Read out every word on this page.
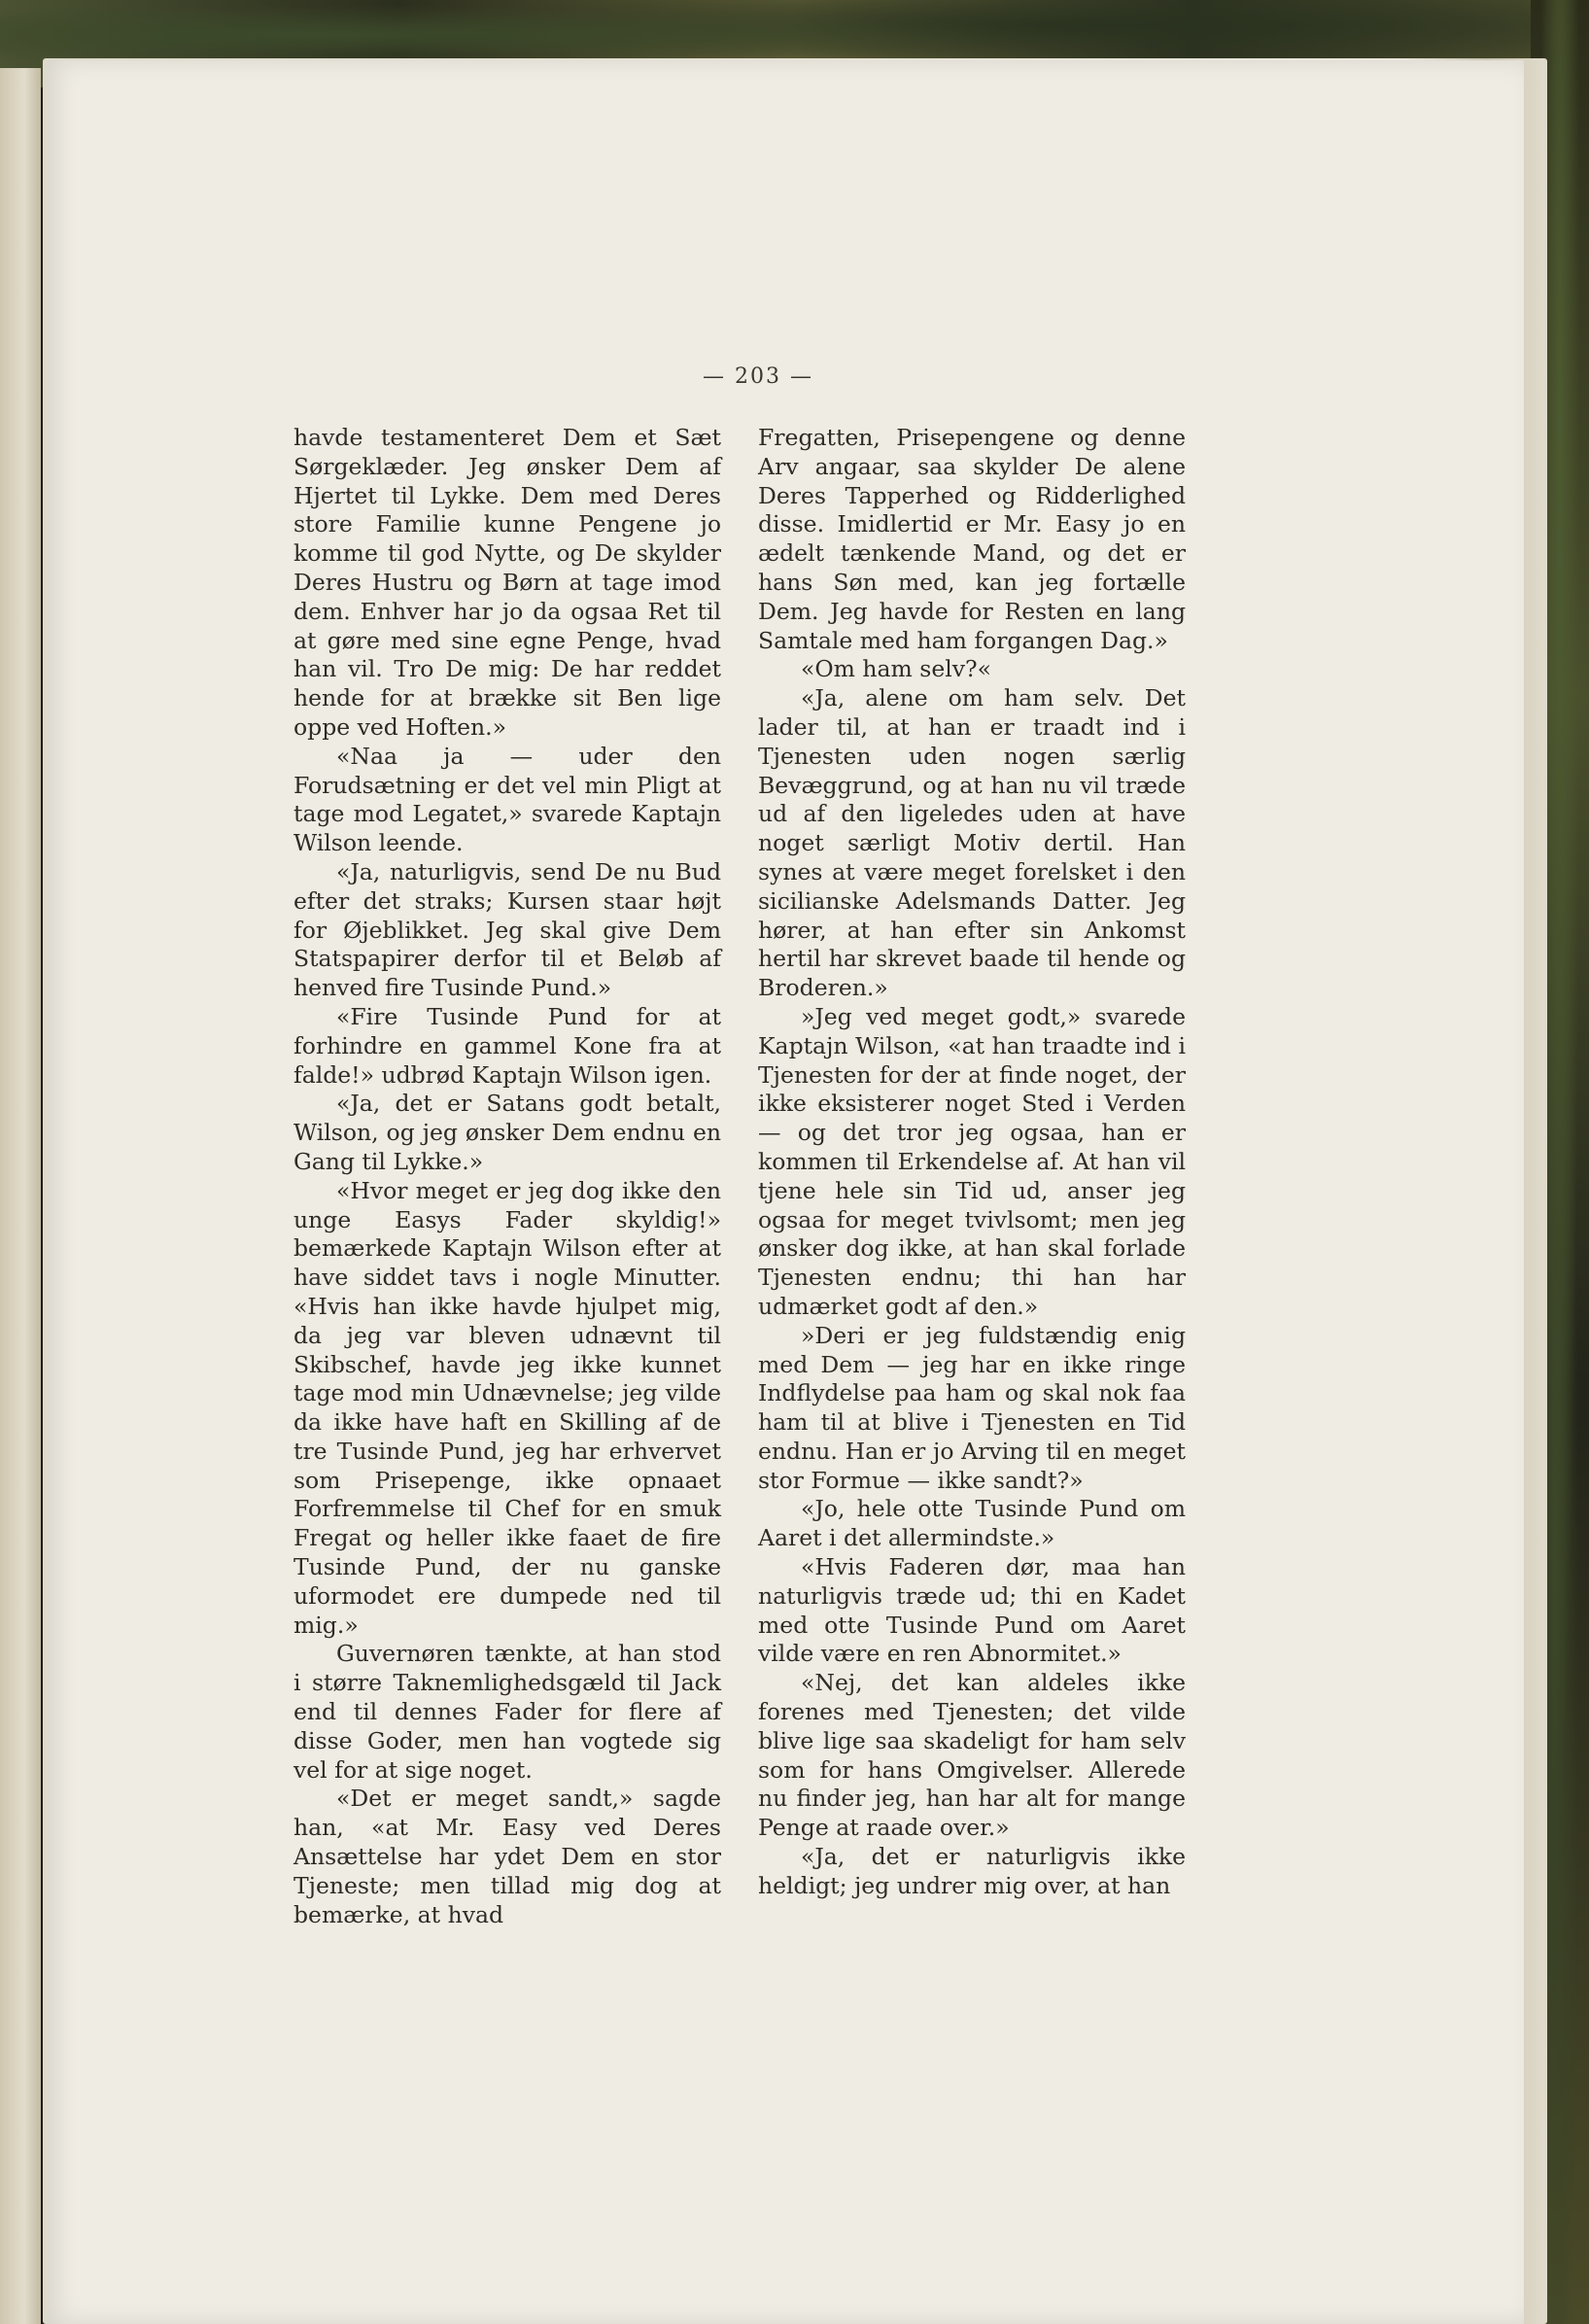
— 203 —

havde testamenteret Dem et Sæt Sørgeklæder. Jeg ønsker Dem af Hjertet til Lykke. Dem med Deres store Familie kunne Pengene jo komme til god Nytte, og De skylder Deres Hustru og Børn at tage imod dem. Enhver har jo da ogsaa Ret til at gøre med sine egne Penge, hvad han vil. Tro De mig: De har reddet hende for at brække sit Ben lige oppe ved Hoften.»

«Naa ja — uder den Forudsætning er det vel min Pligt at tage mod Legatet,» svarede Kaptajn Wilson leende.

«Ja, naturligvis, send De nu Bud efter det straks; Kursen staar højt for Øjeblikket. Jeg skal give Dem Statspapirer derfor til et Beløb af henved fire Tusinde Pund.»

«Fire Tusinde Pund for at forhindre en gammel Kone fra at falde!» udbrød Kaptajn Wilson igen.

«Ja, det er Satans godt betalt, Wilson, og jeg ønsker Dem endnu en Gang til Lykke.»

«Hvor meget er jeg dog ikke den unge Easys Fader skyldig!» bemærkede Kaptajn Wilson efter at have siddet tavs i nogle Minutter. «Hvis han ikke havde hjulpet mig, da jeg var bleven udnævnt til Skibschef, havde jeg ikke kunnet tage mod min Udnævnelse; jeg vilde da ikke have haft en Skilling af de tre Tusinde Pund, jeg har erhvervet som Prisepenge, ikke opnaaet Forfremmelse til Chef for en smuk Fregat og heller ikke faaet de fire Tusinde Pund, der nu ganske uformodet ere dumpede ned til mig.»

Guvernøren tænkte, at han stod i større Taknemlighedsgæld til Jack end til dennes Fader for flere af disse Goder, men han vogtede sig vel for at sige noget.

«Det er meget sandt,» sagde han, «at Mr. Easy ved Deres Ansættelse har ydet Dem en stor Tjeneste; men tillad mig dog at bemærke, at hvad

Fregatten, Prisepengene og denne Arv angaar, saa skylder De alene Deres Tapperhed og Ridderlighed disse. Imidlertid er Mr. Easy jo en ædelt tænkende Mand, og det er hans Søn med, kan jeg fortælle Dem. Jeg havde for Resten en lang Samtale med ham forgangen Dag.»

«Om ham selv?«

«Ja, alene om ham selv. Det lader til, at han er traadt ind i Tjenesten uden nogen særlig Bevæggrund, og at han nu vil træde ud af den ligeledes uden at have noget særligt Motiv dertil. Han synes at være meget forelsket i den sicilianske Adelsmands Datter. Jeg hører, at han efter sin Ankomst hertil har skrevet baade til hende og Broderen.»

»Jeg ved meget godt,» svarede Kaptajn Wilson, «at han traadte ind i Tjenesten for der at finde noget, der ikke eksisterer noget Sted i Verden — og det tror jeg ogsaa, han er kommen til Erkendelse af. At han vil tjene hele sin Tid ud, anser jeg ogsaa for meget tvivlsomt; men jeg ønsker dog ikke, at han skal forlade Tjenesten endnu; thi han har udmærket godt af den.»

»Deri er jeg fuldstændig enig med Dem — jeg har en ikke ringe Indflydelse paa ham og skal nok faa ham til at blive i Tjenesten en Tid endnu. Han er jo Arving til en meget stor Formue — ikke sandt?»

«Jo, hele otte Tusinde Pund om Aaret i det allermindste.»

«Hvis Faderen dør, maa han naturligvis træde ud; thi en Kadet med otte Tusinde Pund om Aaret vilde være en ren Abnormitet.»

«Nej, det kan aldeles ikke forenes med Tjenesten; det vilde blive lige saa skadeligt for ham selv som for hans Omgivelser. Allerede nu finder jeg, han har alt for mange Penge at raade over.»

«Ja, det er naturligvis ikke heldigt; jeg undrer mig over, at han
